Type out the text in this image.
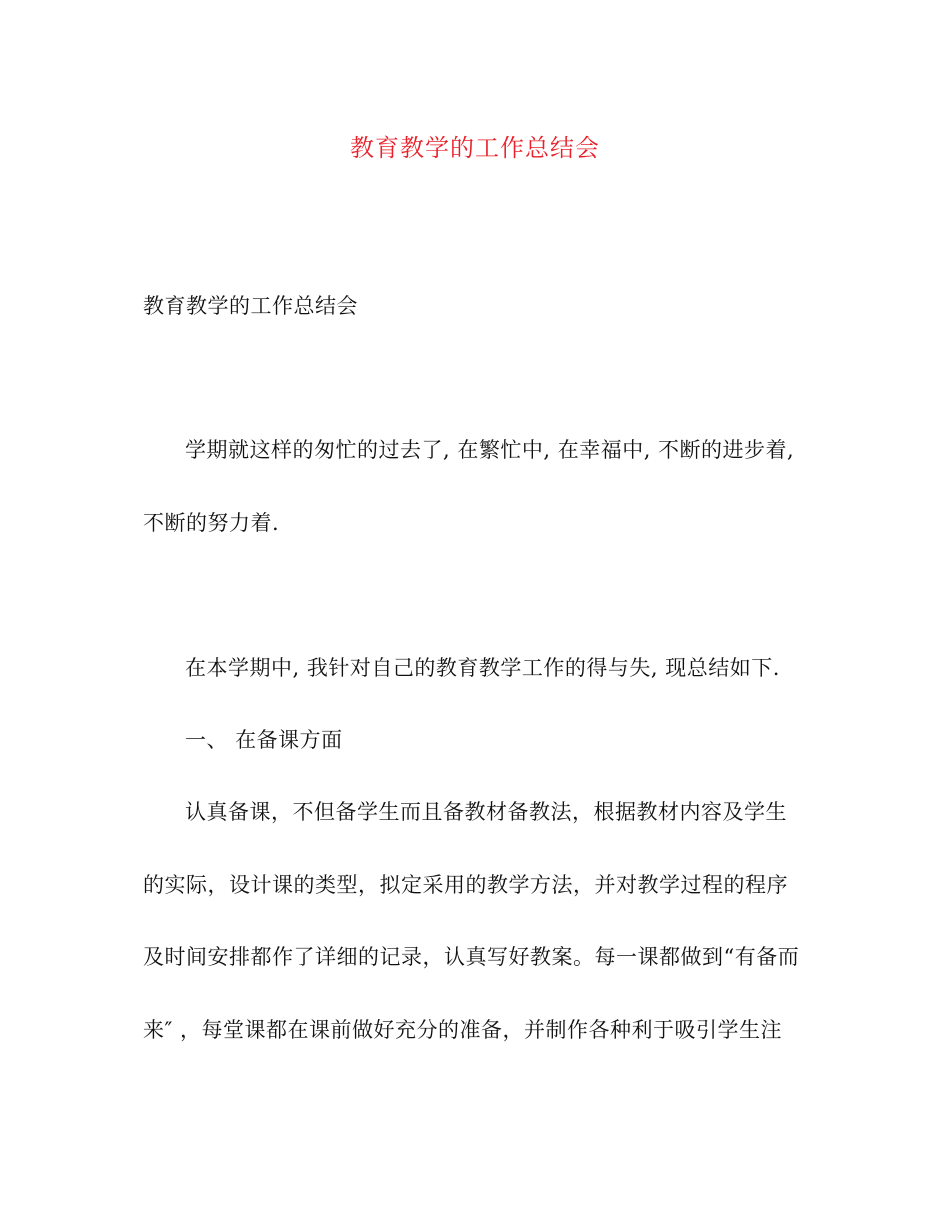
教育教学的工作总结会
教育教学的工作总结会
学期就这样的匆忙的过去了, 在繁忙中, 在幸福中, 不断的进步着,
不断的努力着.
在本学期中, 我针对自己的教育教学工作的得与失, 现总结如下.
一、 在备课方面
认真备课，不但备学生而且备教材备教法，根据教材内容及学生
的实际，设计课的类型，拟定采用的教学方法，并对教学过程的程序
及时间安排都作了详细的记录，认真写好教案。每一课都做到“有备而
来″ ，每堂课都在课前做好充分的准备，并制作各种利于吸引学生注
